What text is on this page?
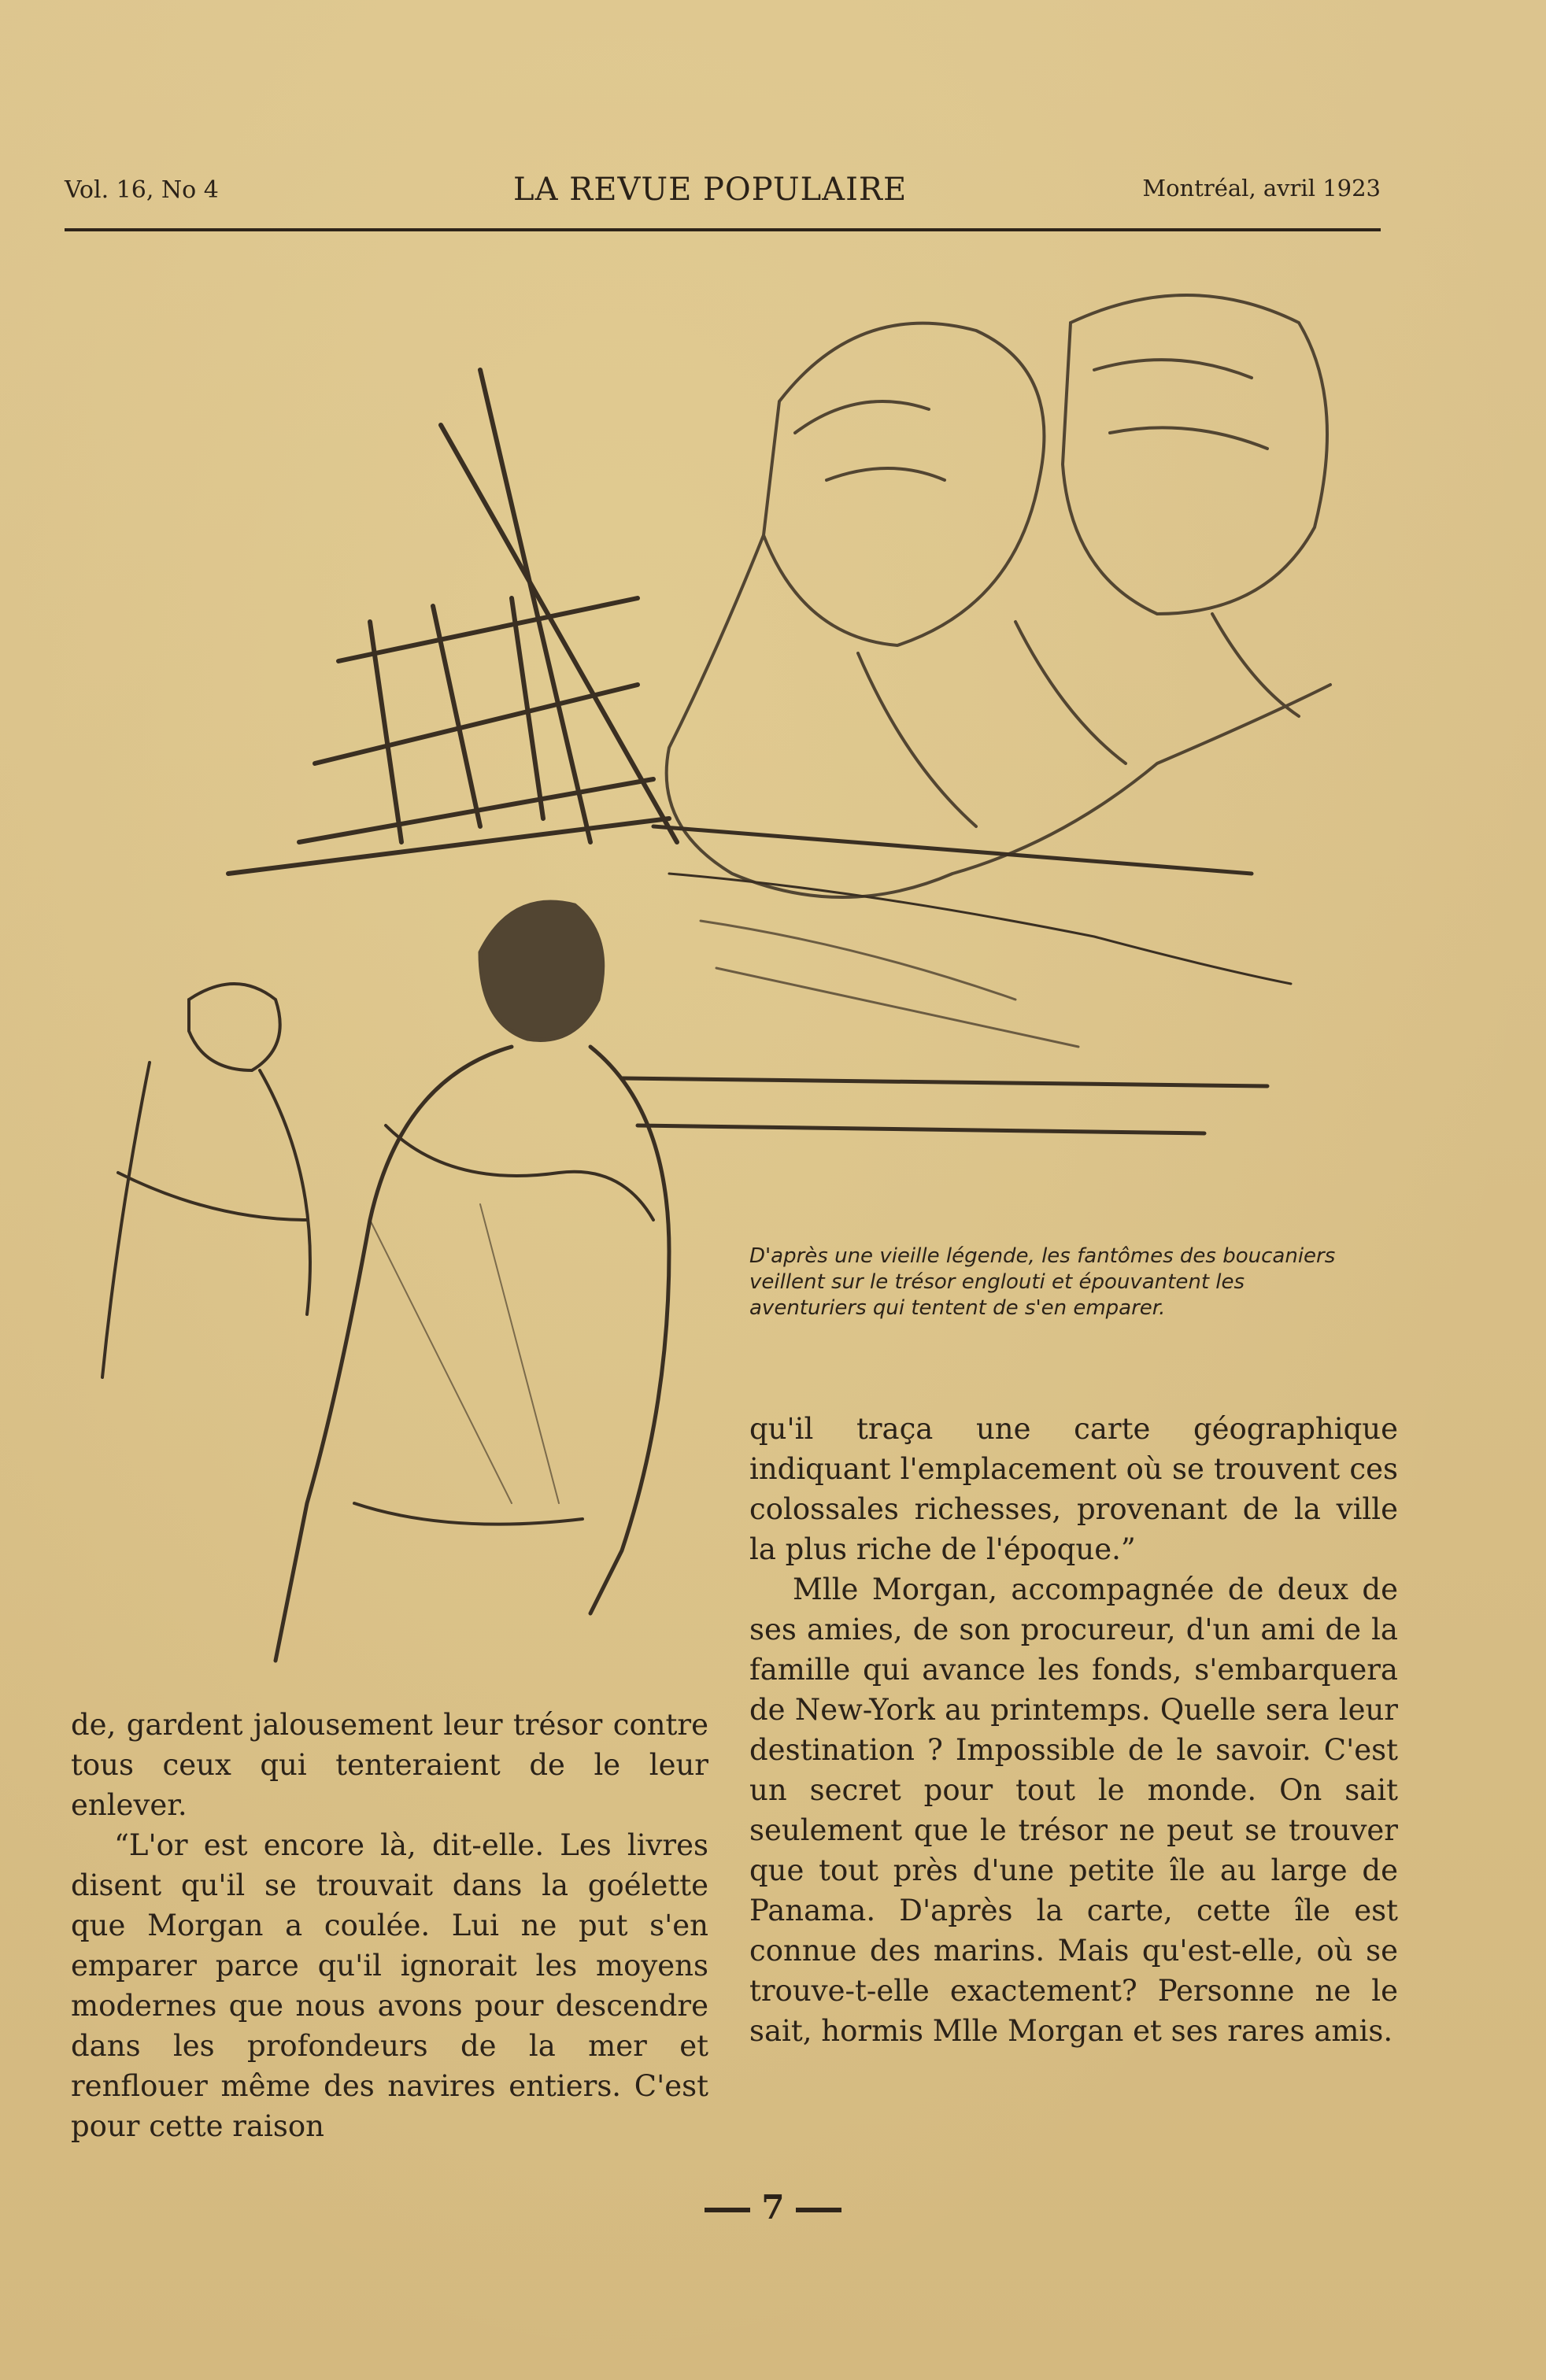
Vol. 16, No 4	LA REVUE POPULAIRE	Montréal, avril 1923
D'après une vieille légende, les fantômes des boucaniers veillent sur le trésor englouti et épouvantent les aventuriers qui tentent de s'en emparer.

de, gardent jalousement leur trésor contre tous ceux qui tenteraient de le leur enlever.

“L'or est encore là, dit-elle. Les livres disent qu'il se trouvait dans la goélette que Morgan a coulée. Lui ne put s'en emparer parce qu'il ignorait les moyens modernes que nous avons pour descendre dans les profondeurs de la mer et renflouer même des navires entiers. C'est pour cette raison

qu'il traça une carte géographique indiquant l'emplacement où se trouvent ces colossales richesses, provenant de la ville la plus riche de l'époque.”

Mlle Morgan, accompagnée de deux de ses amies, de son procureur, d'un ami de la famille qui avance les fonds, s'embarquera de New-York au printemps. Quelle sera leur destination ? Impossible de le savoir. C'est un secret pour tout le monde. On sait seulement que le trésor ne peut se trouver que tout près d'une petite île au large de Panama. D'après la carte, cette île est connue des marins. Mais qu'est-elle, où se trouve-t-elle exactement? Personne ne le sait, hormis Mlle Morgan et ses rares amis.

7
